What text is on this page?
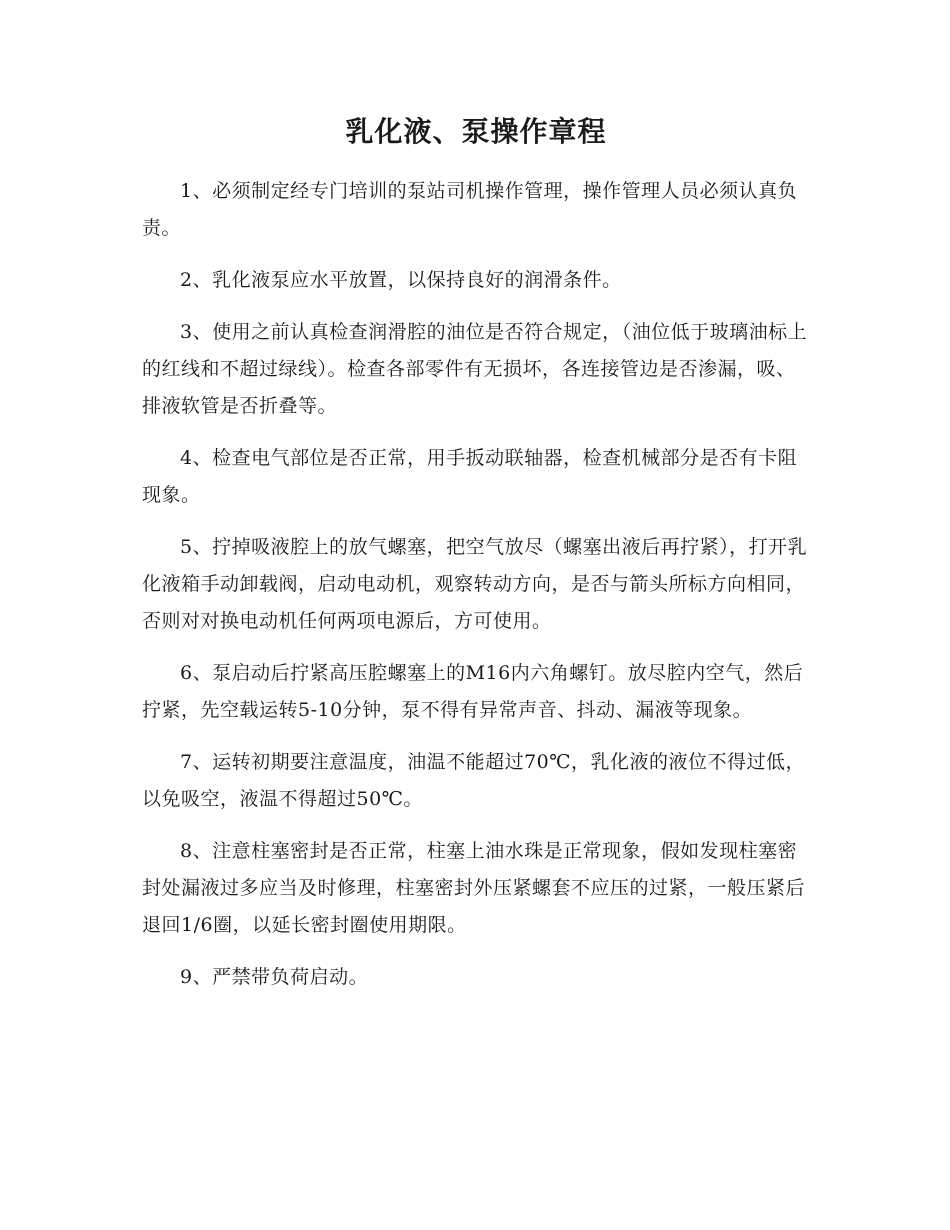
乳化液、泵操作章程

1、必须制定经专门培训的泵站司机操作管理，操作管理人员必须认真负责。

2、乳化液泵应水平放置，以保持良好的润滑条件。

3、使用之前认真检查润滑腔的油位是否符合规定，（油位低于玻璃油标上的红线和不超过绿线）。检查各部零件有无损坏，各连接管边是否渗漏，吸、排液软管是否折叠等。

4、检查电气部位是否正常，用手扳动联轴器，检查机械部分是否有卡阻现象。

5、拧掉吸液腔上的放气螺塞，把空气放尽（螺塞出液后再拧紧），打开乳化液箱手动卸载阀，启动电动机，观察转动方向，是否与箭头所标方向相同，否则对对换电动机任何两项电源后，方可使用。

6、泵启动后拧紧高压腔螺塞上的M16内六角螺钉。放尽腔内空气，然后拧紧，先空载运转5-10分钟，泵不得有异常声音、抖动、漏液等现象。

7、运转初期要注意温度，油温不能超过70℃，乳化液的液位不得过低，以免吸空，液温不得超过50℃。

8、注意柱塞密封是否正常，柱塞上油水珠是正常现象，假如发现柱塞密封处漏液过多应当及时修理，柱塞密封外压紧螺套不应压的过紧，一般压紧后退回1/6圈，以延长密封圈使用期限。

9、严禁带负荷启动。
